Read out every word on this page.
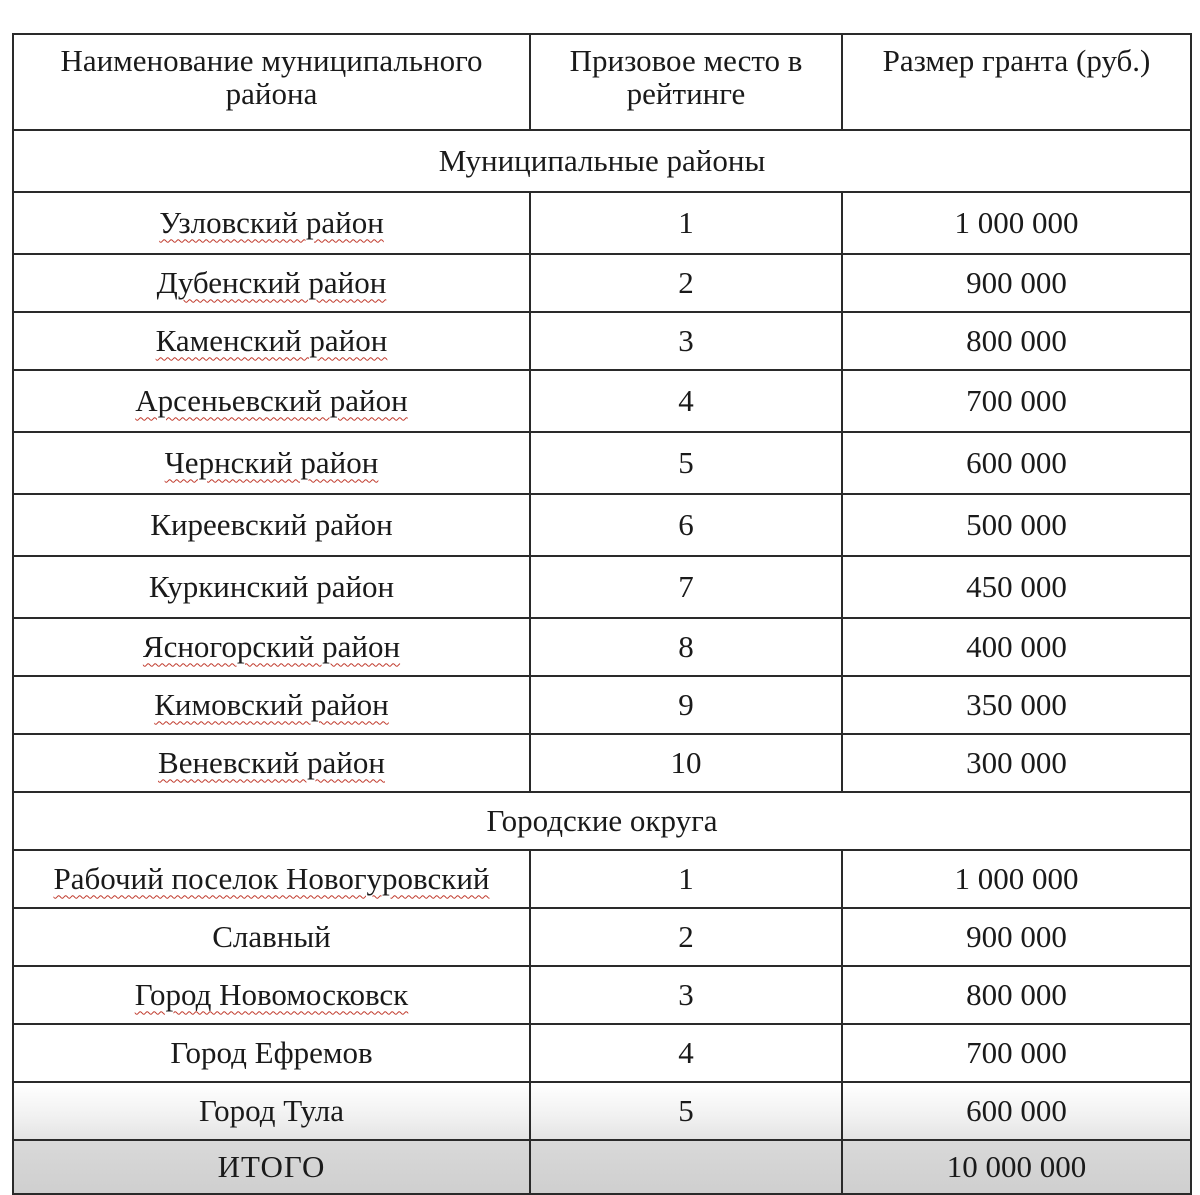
Наименование муниципального района	Призовое место в рейтинге	Размер гранта (руб.)
Муниципальные районы		
Узловский район	1	1 000 000
Дубенский район	2	900 000
Каменский район	3	800 000
Арсеньевский район	4	700 000
Чернский район	5	600 000
Киреевский район	6	500 000
Куркинский район	7	450 000
Ясногорский район	8	400 000
Кимовский район	9	350 000
Веневский район	10	300 000
Городские округа		
Рабочий поселок Новогуровский	1	1 000 000
Славный	2	900 000
Город Новомосковск	3	800 000
Город Ефремов	4	700 000
Город Тула	5	600 000
ИТОГО		10 000 000
